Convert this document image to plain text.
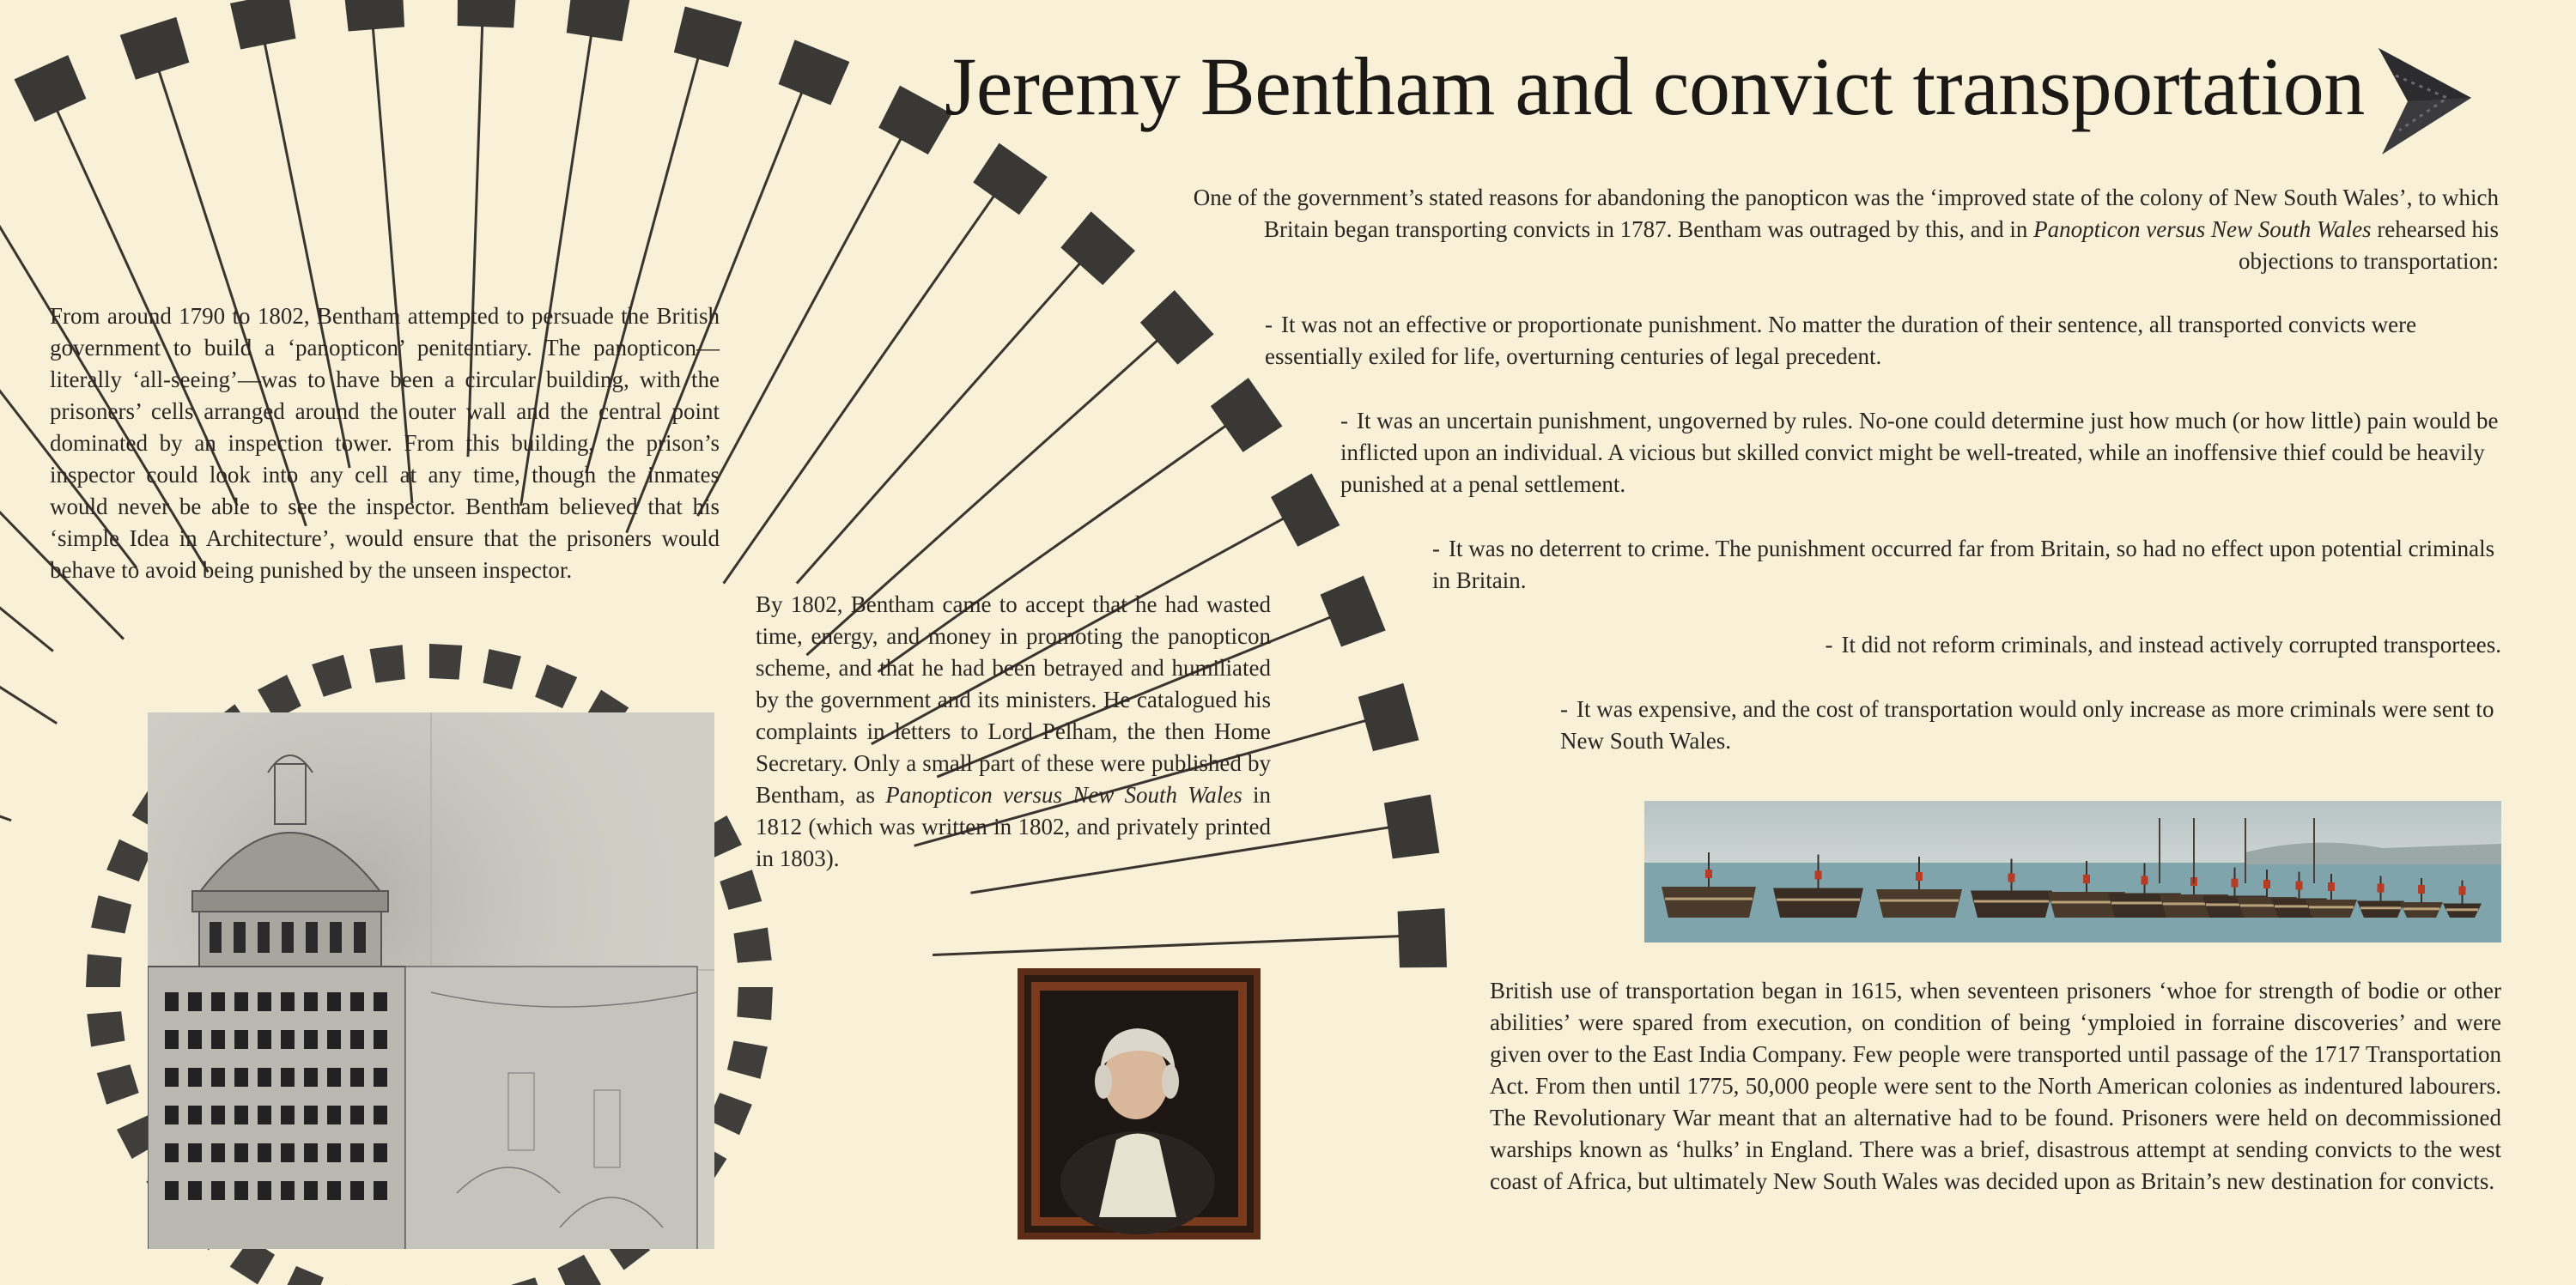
Jeremy Bentham and convict transportation

One of the government’s stated reasons for abandoning the panopticon was the ‘improved state of the colony of New South Wales’, to which Britain began transporting convicts in 1787. Bentham was outraged by this, and in Panopticon versus New South Wales rehearsed his objections to transportation:

- It was not an effective or proportionate punishment. No matter the duration of their sentence, all transported convicts were essentially exiled for life, overturning centuries of legal precedent.
- It was an uncertain punishment, ungoverned by rules. No-one could determine just how much (or how little) pain would be inflicted upon an individual. A vicious but skilled convict might be well-treated, while an inoffensive thief could be heavily punished at a penal settlement.
- It was no deterrent to crime. The punishment occurred far from Britain, so had no effect upon potential criminals in Britain.
- It did not reform criminals, and instead actively corrupted transportees.
- It was expensive, and the cost of transportation would only increase as more criminals were sent to New South Wales.

From around 1790 to 1802, Bentham attempted to persuade the British government to build a ‘panopticon’ penitentiary. The panopticon—literally ‘all-seeing’—was to have been a circular building, with the prisoners’ cells arranged around the outer wall and the central point dominated by an inspection tower. From this building, the prison’s inspector could look into any cell at any time, though the inmates would never be able to see the inspector. Bentham believed that his ‘simple Idea in Architecture’, would ensure that the prisoners would behave to avoid being punished by the unseen inspector.

By 1802, Bentham came to accept that he had wasted time, energy, and money in promoting the panopticon scheme, and that he had been betrayed and humiliated by the government and its ministers. He catalogued his complaints in letters to Lord Pelham, the then Home Secretary. Only a small part of these were published by Bentham, as Panopticon versus New South Wales in 1812 (which was written in 1802, and privately printed in 1803).

British use of transportation began in 1615, when seventeen prisoners ‘whoe for strength of bodie or other abilities’ were spared from execution, on condition of being ‘ymploied in forraine discoveries’ and were given over to the East India Company. Few people were transported until passage of the 1717 Transportation Act. From then until 1775, 50,000 people were sent to the North American colonies as indentured labourers. The Revolutionary War meant that an alternative had to be found. Prisoners were held on decommissioned warships known as ‘hulks’ in England. There was a brief, disastrous attempt at sending convicts to the west coast of Africa, but ultimately New South Wales was decided upon as Britain’s new destination for convicts.
